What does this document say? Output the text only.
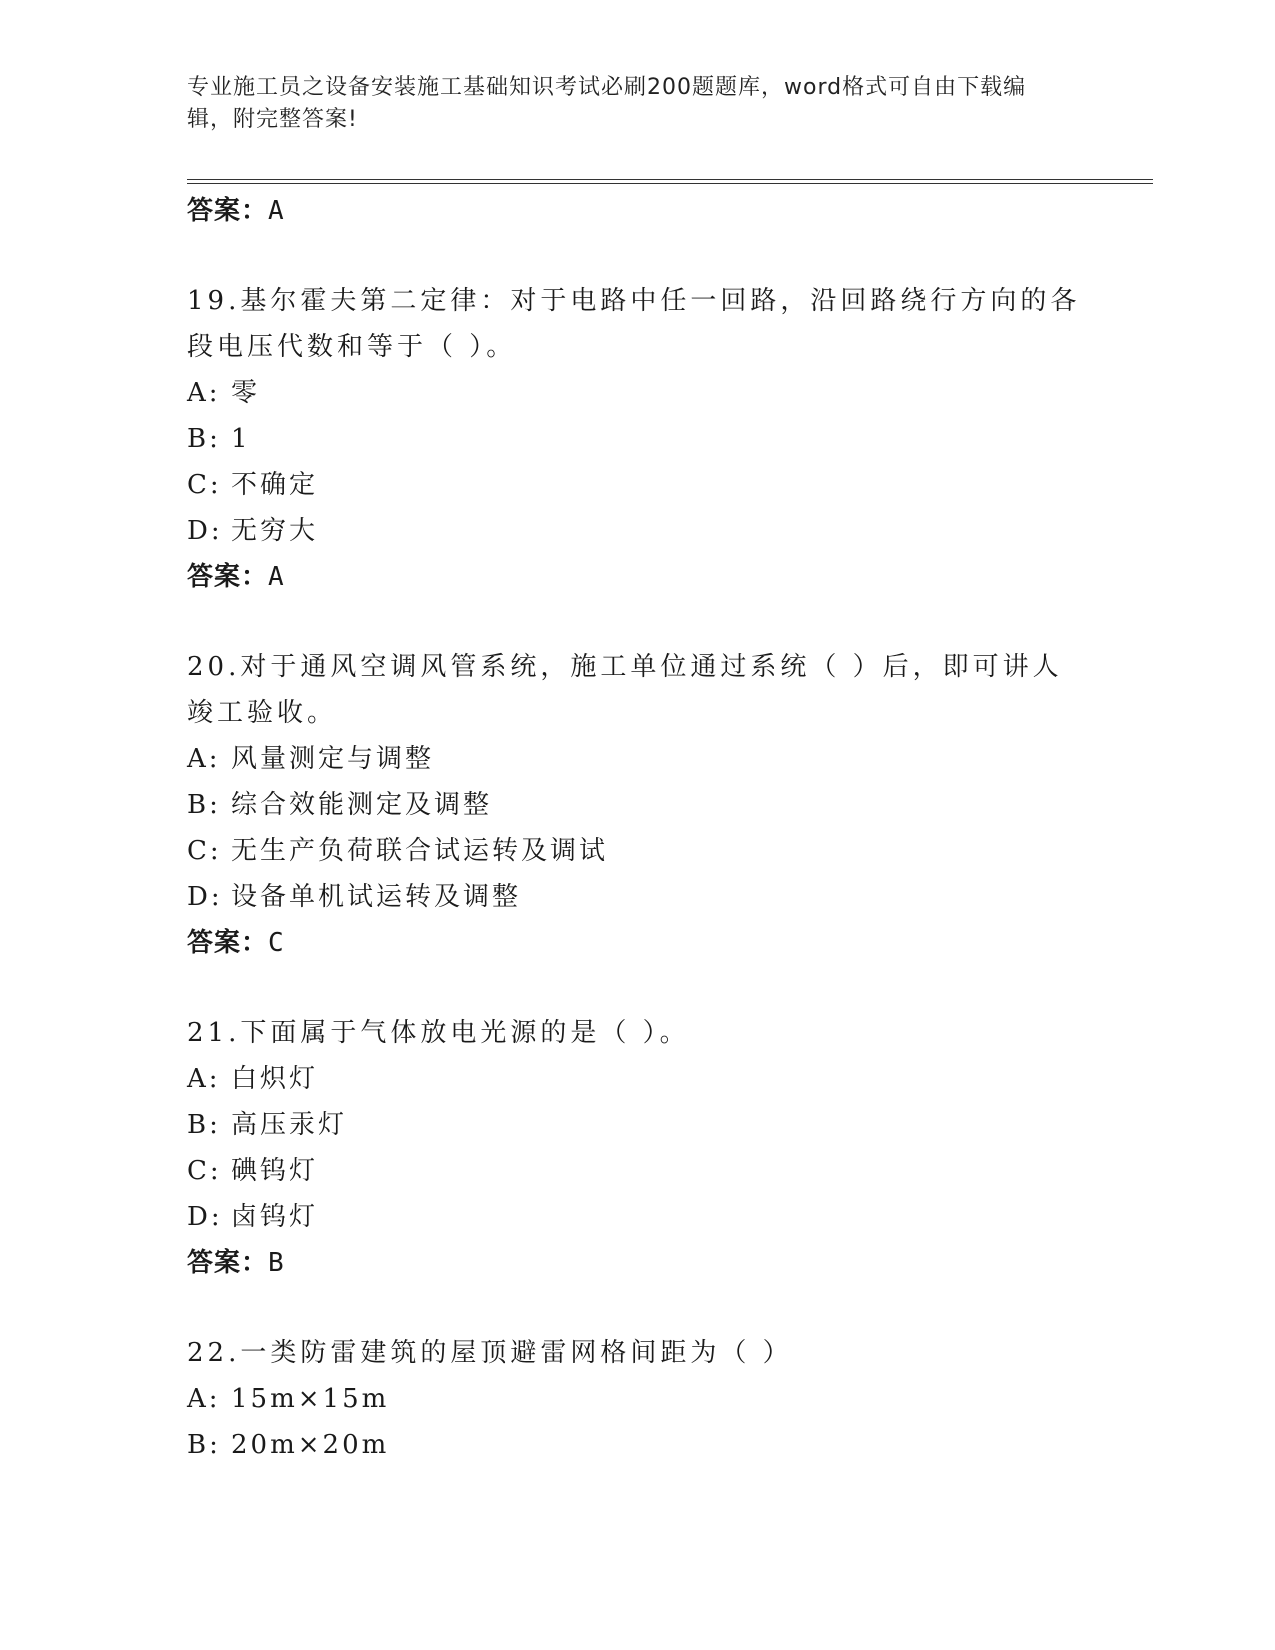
专业施工员之设备安装施工基础知识考试必刷200题题库，word格式可自由下载编辑，附完整答案!
答案：A
19.基尔霍夫第二定律：对于电路中任一回路，沿回路绕行方向的各段电压代数和等于（ ）。
A: 零
B: 1
C: 不确定
D: 无穷大
答案：A
20.对于通风空调风管系统，施工单位通过系统（ ）后，即可讲人竣工验收。
A: 风量测定与调整
B: 综合效能测定及调整
C: 无生产负荷联合试运转及调试
D: 设备单机试运转及调整
答案：C
21.下面属于气体放电光源的是（ ）。
A: 白炽灯
B: 高压汞灯
C: 碘钨灯
D: 卤钨灯
答案：B
22.一类防雷建筑的屋顶避雷网格间距为（ ）
A: 15m×15m
B: 20m×20m
